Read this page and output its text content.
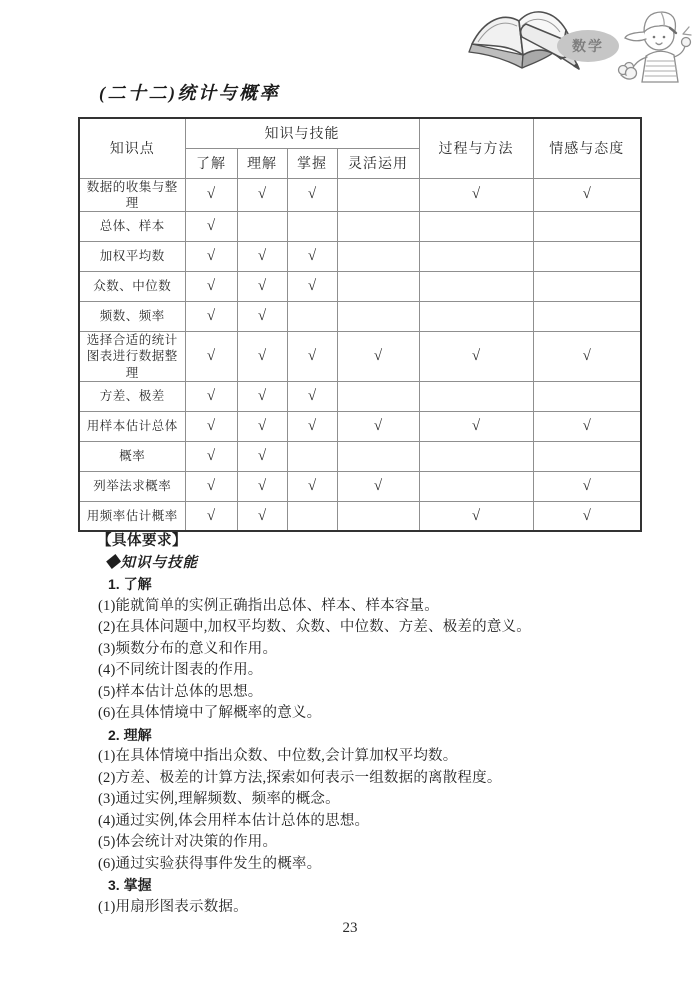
数学
(二十二)统计与概率
知识点	知识与技能				过程与方法	情感与态度
	了解	理解	掌握	灵活运用		
数据的收集与整理	√	√	√		√	√
总体、样本	√					
加权平均数	√	√	√			
众数、中位数	√	√	√			
频数、频率	√	√				
选择合适的统计图表进行数据整理	√	√	√	√	√	√
方差、极差	√	√	√			
用样本估计总体	√	√	√	√	√	√
概率	√	√				
列举法求概率	√	√	√	√		√
用频率估计概率	√	√			√	√
【具体要求】
◆知识与技能
1. 了解
(1)能就简单的实例正确指出总体、样本、样本容量。
(2)在具体问题中,加权平均数、众数、中位数、方差、极差的意义。
(3)频数分布的意义和作用。
(4)不同统计图表的作用。
(5)样本估计总体的思想。
(6)在具体情境中了解概率的意义。
2. 理解
(1)在具体情境中指出众数、中位数,会计算加权平均数。
(2)方差、极差的计算方法,探索如何表示一组数据的离散程度。
(3)通过实例,理解频数、频率的概念。
(4)通过实例,体会用样本估计总体的思想。
(5)体会统计对决策的作用。
(6)通过实验获得事件发生的概率。
3. 掌握
(1)用扇形图表示数据。
23
